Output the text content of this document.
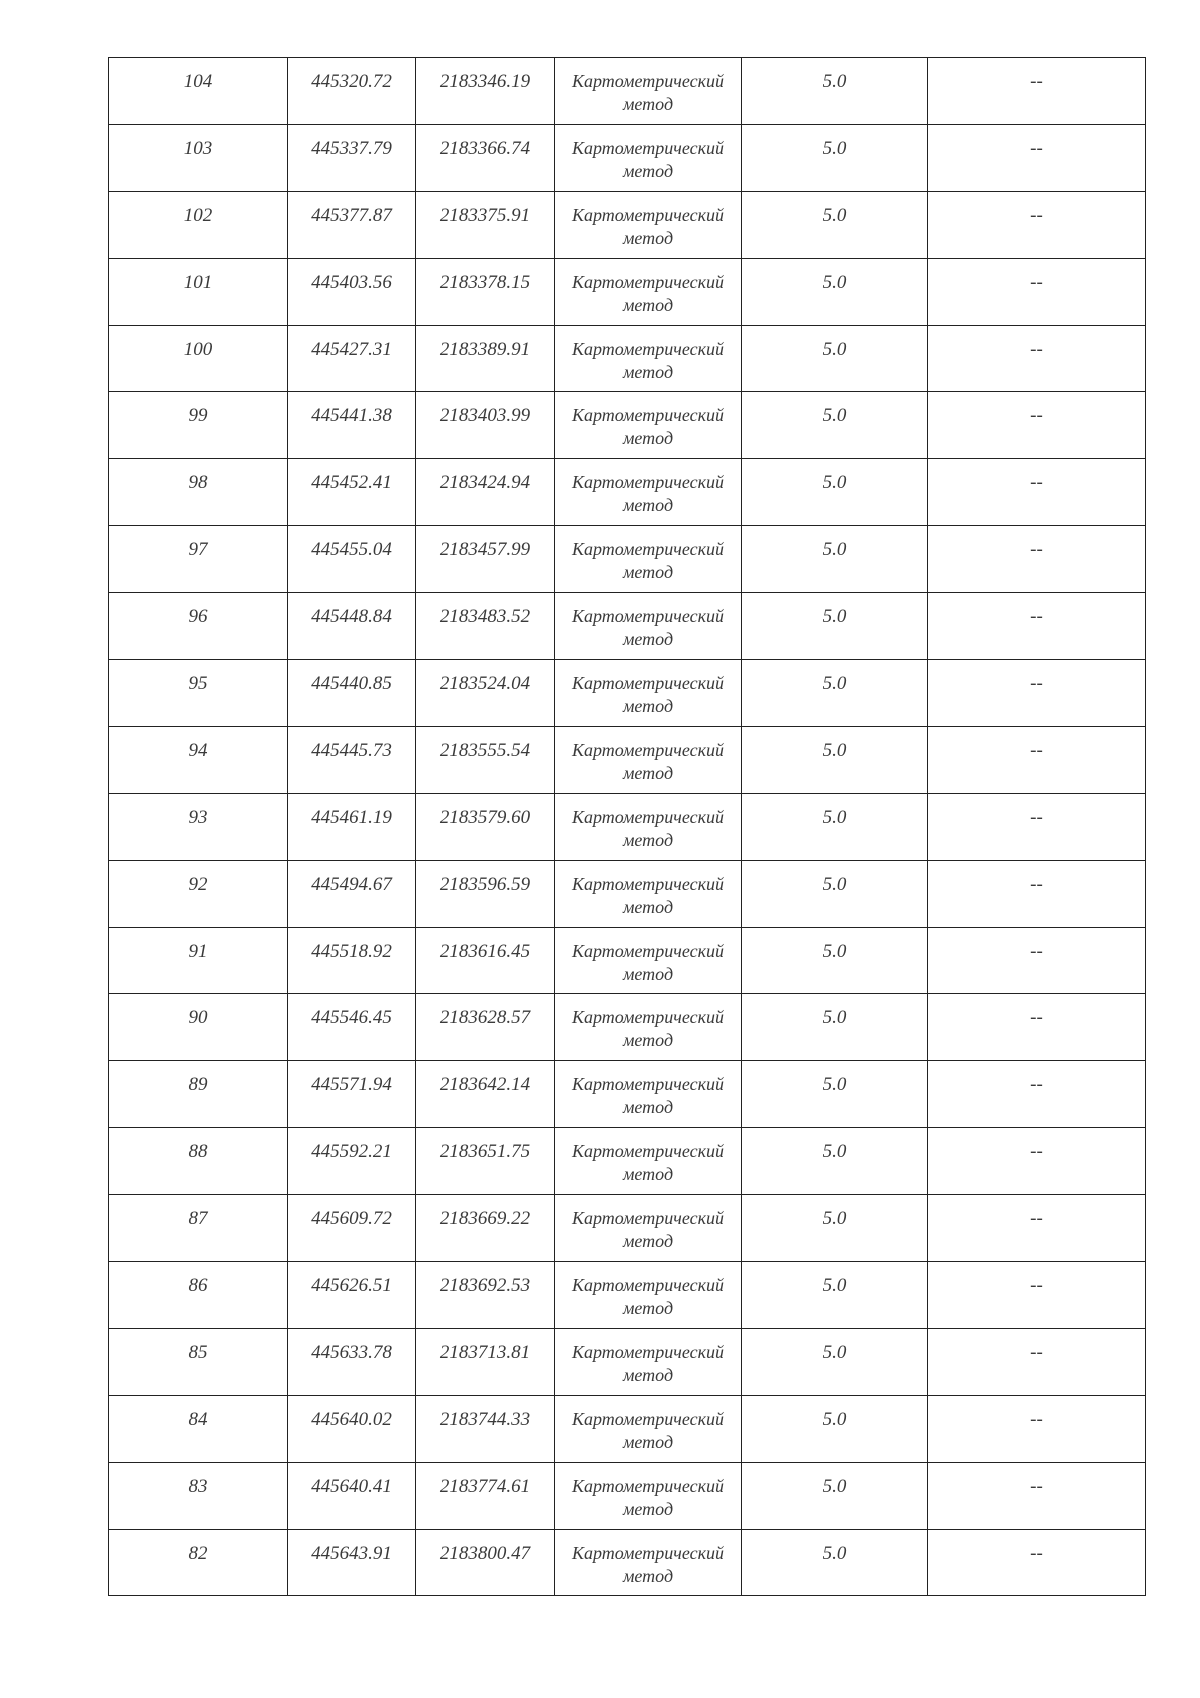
104	445320.72	2183346.19	Картометрический метод	5.0	--
103	445337.79	2183366.74	Картометрический метод	5.0	--
102	445377.87	2183375.91	Картометрический метод	5.0	--
101	445403.56	2183378.15	Картометрический метод	5.0	--
100	445427.31	2183389.91	Картометрический метод	5.0	--
99	445441.38	2183403.99	Картометрический метод	5.0	--
98	445452.41	2183424.94	Картометрический метод	5.0	--
97	445455.04	2183457.99	Картометрический метод	5.0	--
96	445448.84	2183483.52	Картометрический метод	5.0	--
95	445440.85	2183524.04	Картометрический метод	5.0	--
94	445445.73	2183555.54	Картометрический метод	5.0	--
93	445461.19	2183579.60	Картометрический метод	5.0	--
92	445494.67	2183596.59	Картометрический метод	5.0	--
91	445518.92	2183616.45	Картометрический метод	5.0	--
90	445546.45	2183628.57	Картометрический метод	5.0	--
89	445571.94	2183642.14	Картометрический метод	5.0	--
88	445592.21	2183651.75	Картометрический метод	5.0	--
87	445609.72	2183669.22	Картометрический метод	5.0	--
86	445626.51	2183692.53	Картометрический метод	5.0	--
85	445633.78	2183713.81	Картометрический метод	5.0	--
84	445640.02	2183744.33	Картометрический метод	5.0	--
83	445640.41	2183774.61	Картометрический метод	5.0	--
82	445643.91	2183800.47	Картометрический метод	5.0	--
